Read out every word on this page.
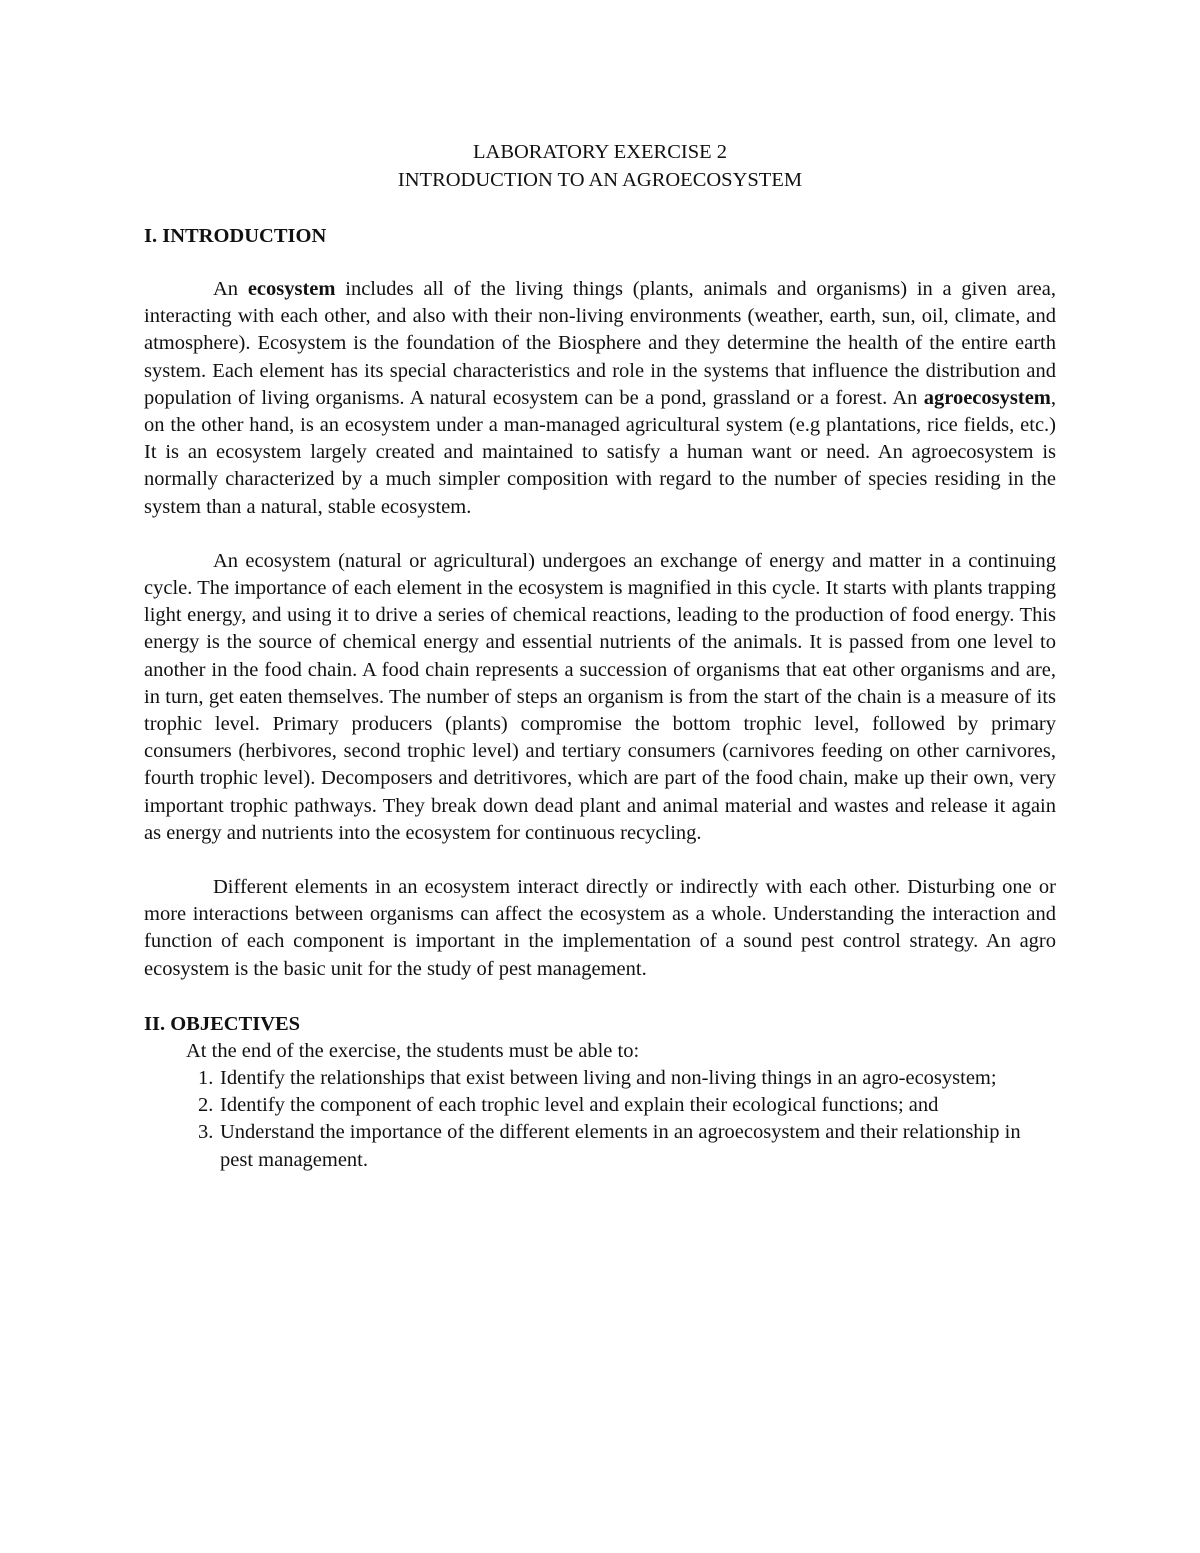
LABORATORY EXERCISE 2

INTRODUCTION TO AN AGROECOSYSTEM

I. INTRODUCTION

An ecosystem includes all of the living things (plants, animals and organisms) in a given area, interacting with each other, and also with their non-living environments (weather, earth, sun, oil, climate, and atmosphere). Ecosystem is the foundation of the Biosphere and they determine the health of the entire earth system. Each element has its special characteristics and role in the systems that influence the distribution and population of living organisms. A natural ecosystem can be a pond, grassland or a forest. An agroecosystem, on the other hand, is an ecosystem under a man-managed agricultural system (e.g plantations, rice fields, etc.) It is an ecosystem largely created and maintained to satisfy a human want or need. An agroecosystem is normally characterized by a much simpler composition with regard to the number of species residing in the system than a natural, stable ecosystem.

An ecosystem (natural or agricultural) undergoes an exchange of energy and matter in a continuing cycle. The importance of each element in the ecosystem is magnified in this cycle. It starts with plants trapping light energy, and using it to drive a series of chemical reactions, leading to the production of food energy. This energy is the source of chemical energy and essential nutrients of the animals. It is passed from one level to another in the food chain. A food chain represents a succession of organisms that eat other organisms and are, in turn, get eaten themselves. The number of steps an organism is from the start of the chain is a measure of its trophic level. Primary producers (plants) compromise the bottom trophic level, followed by primary consumers (herbivores, second trophic level) and tertiary consumers (carnivores feeding on other carnivores, fourth trophic level). Decomposers and detritivores, which are part of the food chain, make up their own, very important trophic pathways. They break down dead plant and animal material and wastes and release it again as energy and nutrients into the ecosystem for continuous recycling.

Different elements in an ecosystem interact directly or indirectly with each other. Disturbing one or more interactions between organisms can affect the ecosystem as a whole. Understanding the interaction and function of each component is important in the implementation of a sound pest control strategy. An agro ecosystem is the basic unit for the study of pest management.

II. OBJECTIVES

At the end of the exercise, the students must be able to:

1. Identify the relationships that exist between living and non-living things in an agro-ecosystem;
2. Identify the component of each trophic level and explain their ecological functions; and
3. Understand the importance of the different elements in an agroecosystem and their relationship in pest management.
